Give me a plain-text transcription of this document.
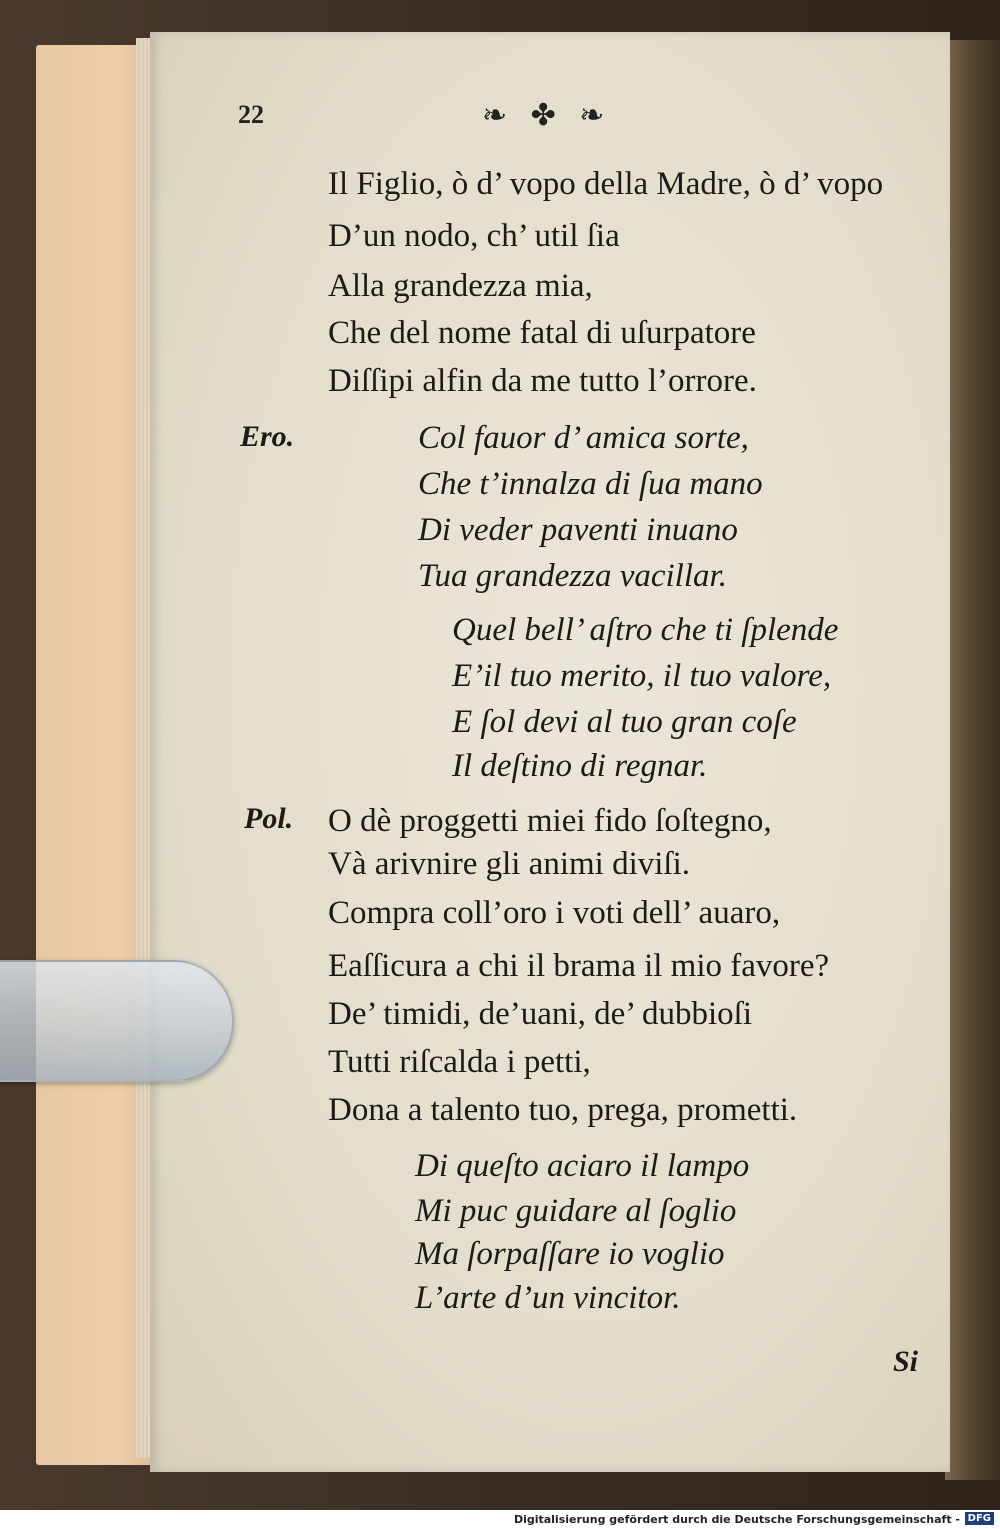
22	❧ ✤ ❧
Il Figlio, ò d’ vopo della Madre, ò d’ vopo
D’un nodo, ch’ util ſia
Alla grandezza mia,
Che del nome fatal di uſurpatore
Diſſipi alfin da me tutto l’orrore.
Ero.	Col fauor d’ amica sorte,
Che t’innalza di ſua mano
Di veder paventi inuano
Tua grandezza vacillar.
Quel bell’ aſtro che ti ſplende
E’il tuo merito, il tuo valore,
E ſol devi al tuo gran coſe
Il deſtino di regnar.
Pol. O dè proggetti miei fido ſoſtegno,
Và arivnire gli animi diviſi.
Compra coll’oro i voti dell’ auaro,
Eaſſicura a chi il brama il mio favore?
De’ timidi, de’uani, de’ dubbioſi
Tutti riſcalda i petti,
Dona a talento tuo, prega, prometti.
Di queſto aciaro il lampo
Mi puc guidare al ſoglio
Ma ſorpaſſare io voglio
L’arte d’un vincitor.
Si
Digitalisierung gefördert durch die Deutsche Forschungsgemeinschaft - DFG
